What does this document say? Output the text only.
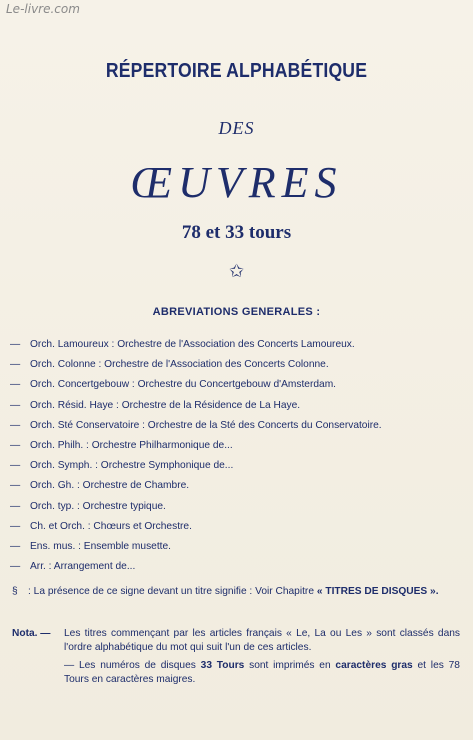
Le-livre.com
RÉPERTOIRE ALPHABÉTIQUE
DES
ŒUVRES
78 et 33 tours
✩
ABREVIATIONS GENERALES :
— Orch. Lamoureux : Orchestre de l'Association des Concerts Lamoureux.
— Orch. Colonne : Orchestre de l'Association des Concerts Colonne.
— Orch. Concertgebouw : Orchestre du Concertgebouw d'Amsterdam.
— Orch. Résid. Haye : Orchestre de la Résidence de La Haye.
— Orch. Sté Conservatoire : Orchestre de la Sté des Concerts du Conservatoire.
— Orch. Philh. : Orchestre Philharmonique de...
— Orch. Symph. : Orchestre Symphonique de...
— Orch. Gh. : Orchestre de Chambre.
— Orch. typ. : Orchestre typique.
— Ch. et Orch. : Chœurs et Orchestre.
— Ens. mus. : Ensemble musette.
— Arr. : Arrangement de...
§ : La présence de ce signe devant un titre signifie : Voir Chapitre « TITRES DE DISQUES ».
Nota. — Les titres commençant par les articles français « Le, La ou Les » sont classés dans l'ordre alphabétique du mot qui suit l'un de ces articles.
— Les numéros de disques 33 Tours sont imprimés en caractères gras et les 78 Tours en caractères maigres.
